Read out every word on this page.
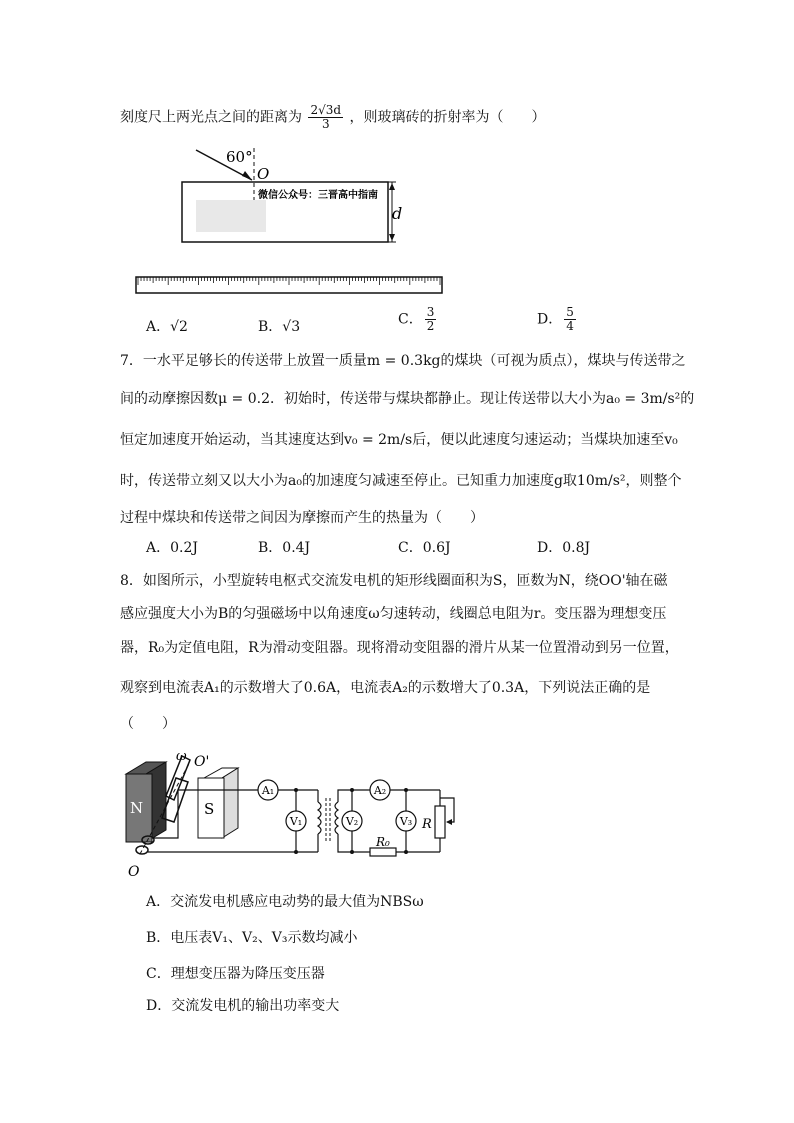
刻度尺上两光点之间的距离为 $\frac{2√3d}{3}$ ，则玻璃砖的折射率为（　　）
60°
O
微信公众号：三晋高中指南
d
A．√2	B．√3	C． $\frac{3}{2}$	D． $\frac{5}{4}$
7．一水平足够长的传送带上放置一质量m = 0.3kg的煤块（可视为质点），煤块与传送带之
间的动摩擦因数μ = 0.2．初始时，传送带与煤块都静止。现让传送带以大小为a₀ = 3m/s²的
恒定加速度开始运动，当其速度达到v₀ = 2m/s后，便以此速度匀速运动；当煤块加速至v₀
时，传送带立刻又以大小为a₀的加速度匀减速至停止。已知重力加速度g取10m/s²，则整个
过程中煤块和传送带之间因为摩擦而产生的热量为（　　）
A．0.2J	B．0.4J	C．0.6J	D．0.8J
8．如图所示，小型旋转电枢式交流发电机的矩形线圈面积为S，匝数为N，绕OO'轴在磁
感应强度大小为B的匀强磁场中以角速度ω匀速转动，线圈总电阻为r。变压器为理想变压
器，R₀为定值电阻，R为滑动变阻器。现将滑动变阻器的滑片从某一位置滑动到另一位置，
观察到电流表A₁的示数增大了0.6A，电流表A₂的示数增大了0.3A，下列说法正确的是
（　　）
N	S
ω O'
O
A₁
V₁	V₂
A₂
V₃
R₀
R
A．交流发电机感应电动势的最大值为NBSω
B．电压表V₁、V₂、V₃示数均减小
C．理想变压器为降压变压器
D．交流发电机的输出功率变大
